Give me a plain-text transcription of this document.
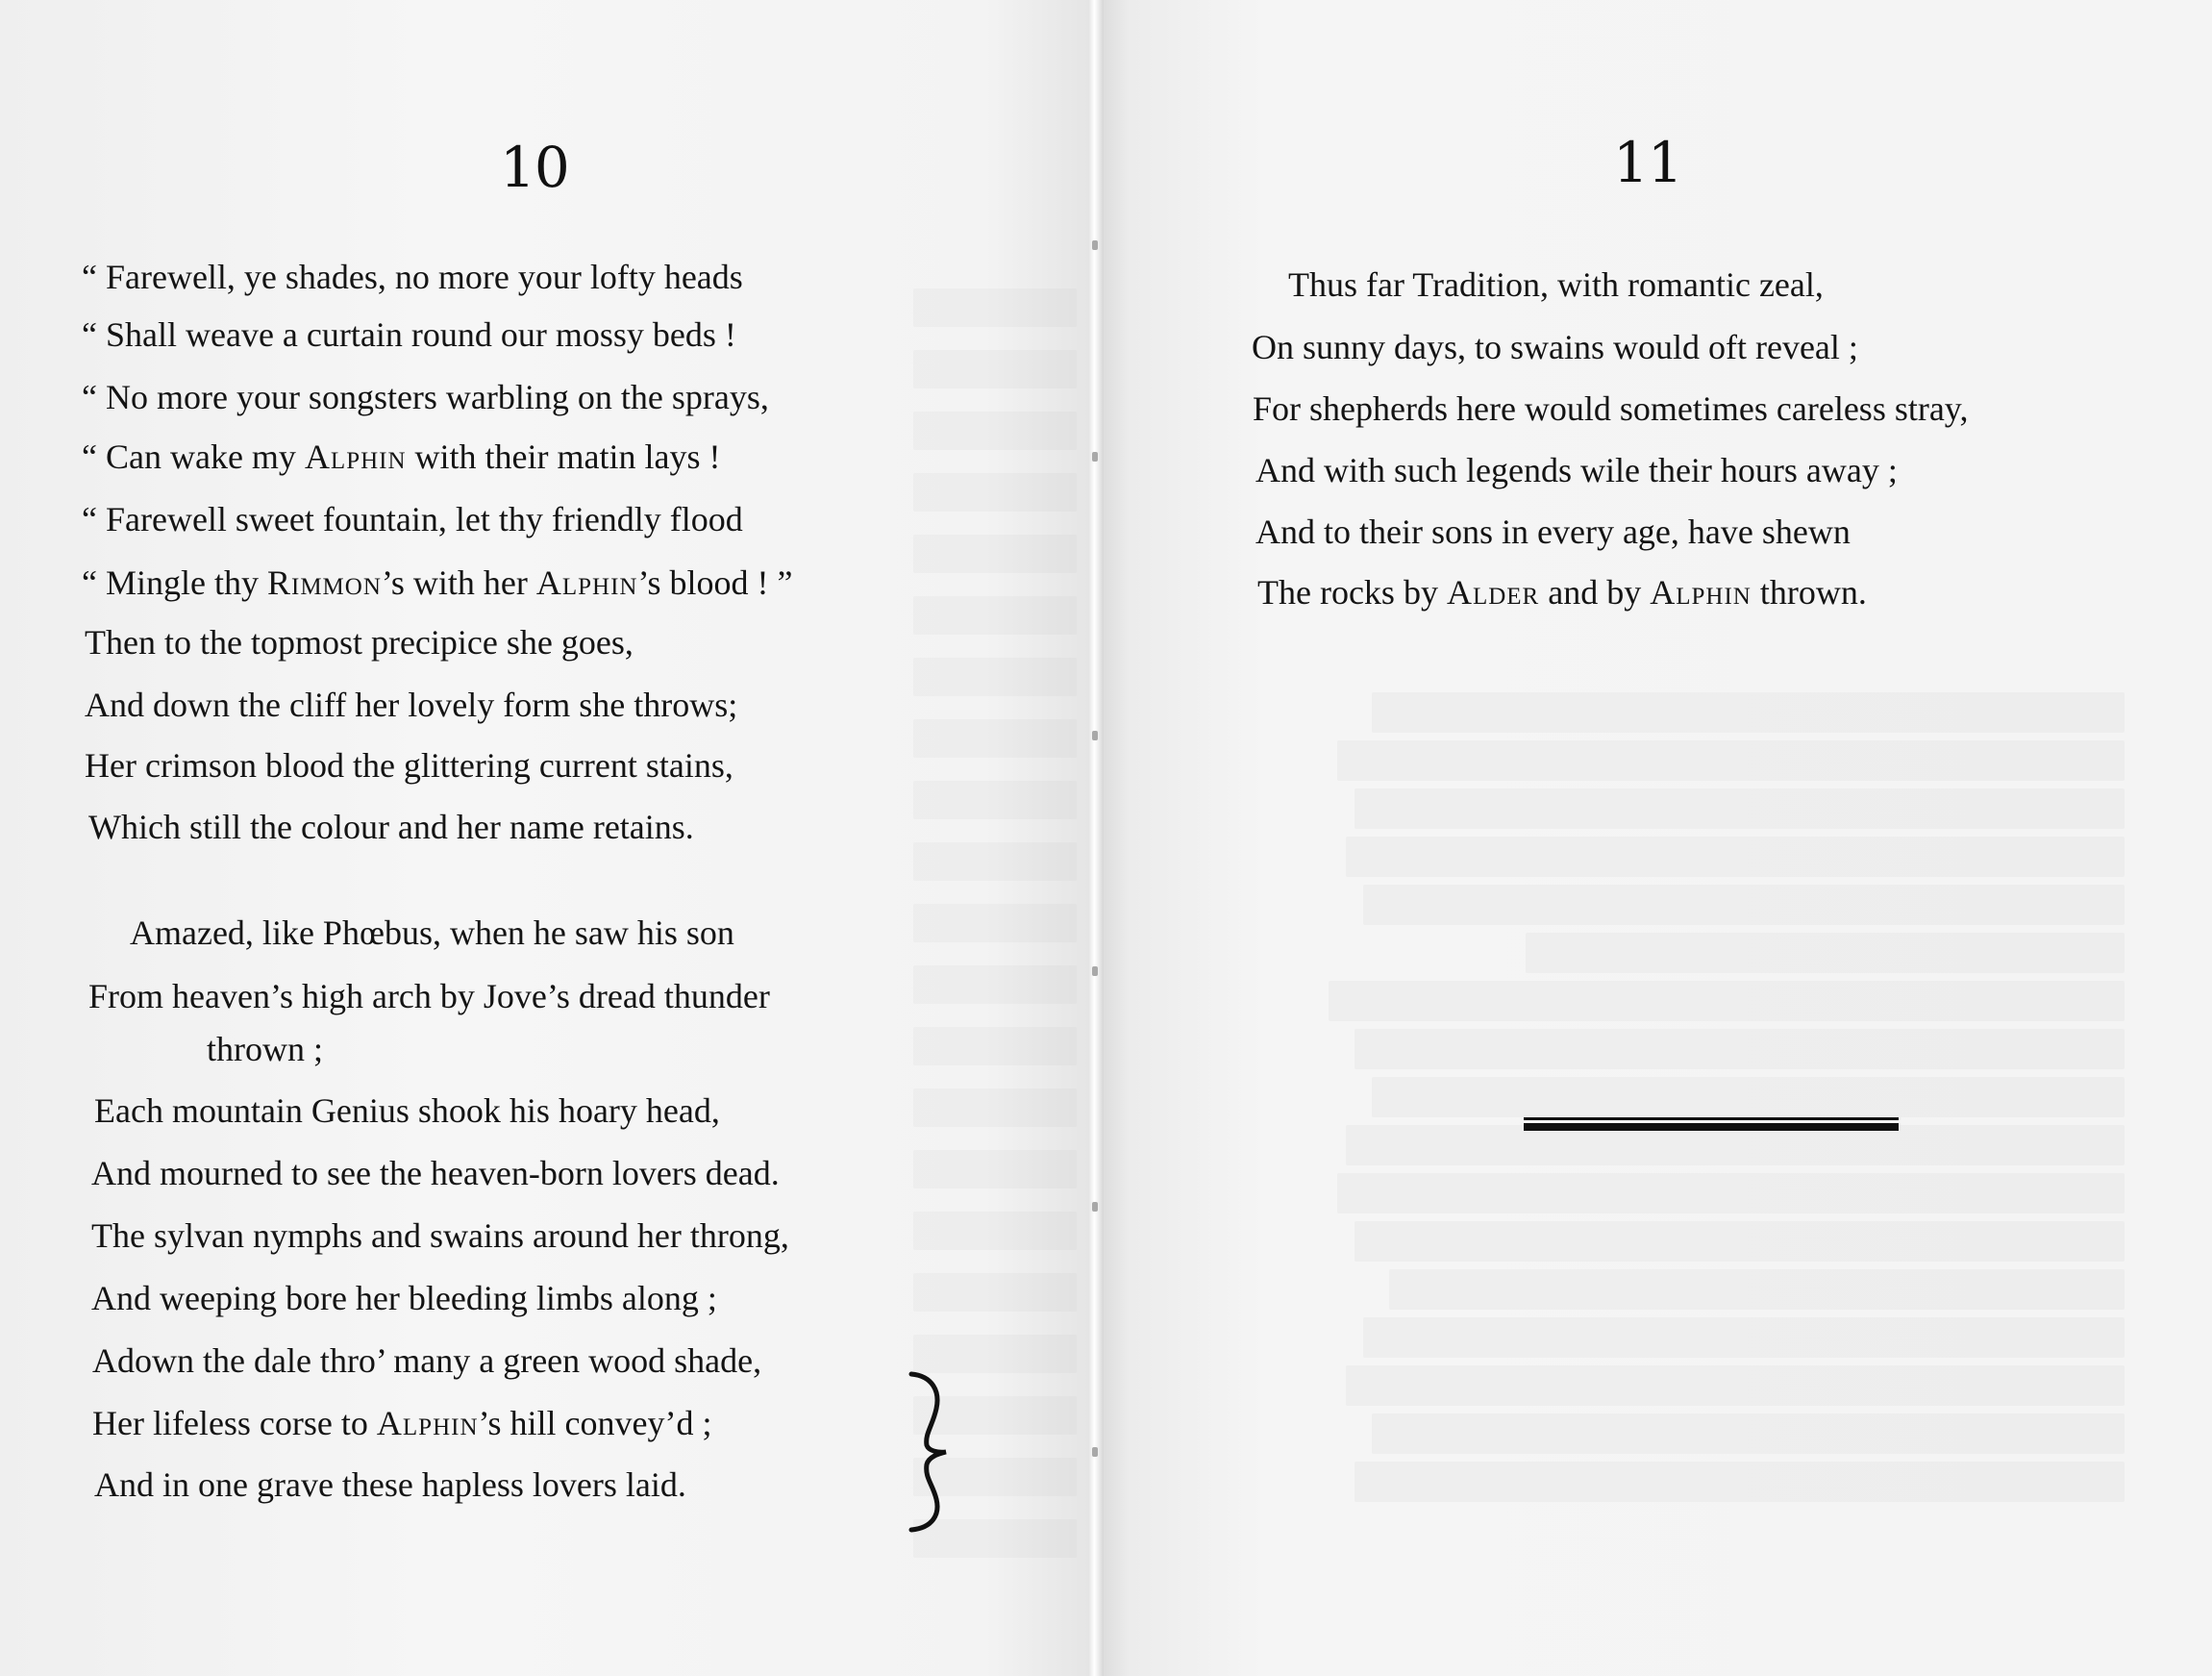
10	11
“ Farewell, ye shades, no more your lofty heads
“ Shall weave a curtain round our mossy beds !
“ No more your songsters warbling on the sprays,
“ Can wake my Alphin with their matin lays !
“ Farewell sweet fountain, let thy friendly flood
“ Mingle thy Rimmon’s with her Alphin’s blood ! ”
Then to the topmost precipice she goes,
And down the cliff her lovely form she throws;
Her crimson blood the glittering current stains,
Which still the colour and her name retains.
Amazed, like Phœbus, when he saw his son
From heaven’s high arch by Jove’s dread thunder
thrown ;
Each mountain Genius shook his hoary head,
And mourned to see the heaven-born lovers dead.
The sylvan nymphs and swains around her throng,
And weeping bore her bleeding limbs along ;
Adown the dale thro’ many a green wood shade,
Her lifeless corse to Alphin’s hill convey’d ;
And in one grave these hapless lovers laid.
Thus far Tradition, with romantic zeal,
On sunny days, to swains would oft reveal ;
For shepherds here would sometimes careless stray,
And with such legends wile their hours away ;
And to their sons in every age, have shewn
The rocks by Alder and by Alphin thrown.
